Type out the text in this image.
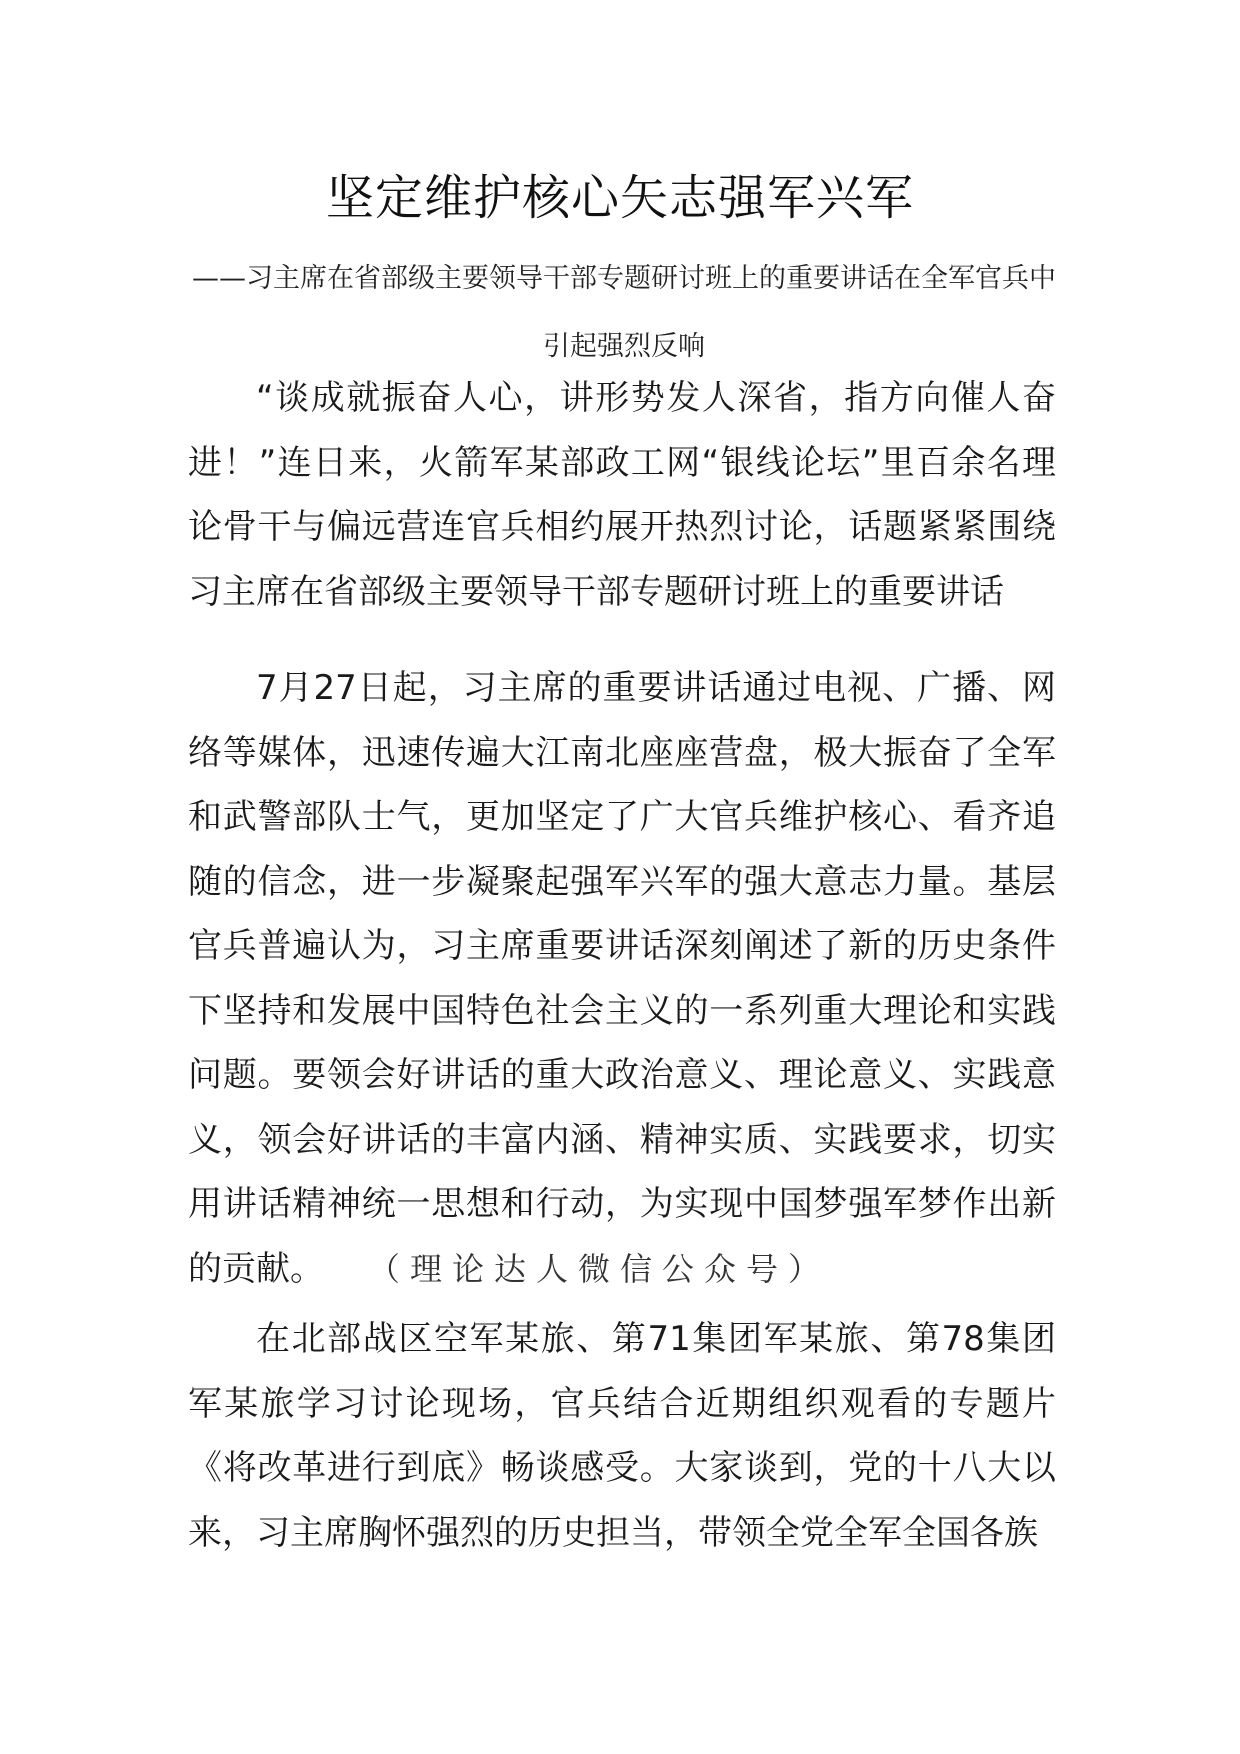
坚定维护核心矢志强军兴军
——习主席在省部级主要领导干部专题研讨班上的重要讲话在全军官兵中引起强烈反响
“谈成就振奋人心，讲形势发人深省，指方向催人奋进！”连日来，火箭军某部政工网“银线论坛”里百余名理论骨干与偏远营连官兵相约展开热烈讨论，话题紧紧围绕习主席在省部级主要领导干部专题研讨班上的重要讲话
7月27日起，习主席的重要讲话通过电视、广播、网络等媒体，迅速传遍大江南北座座营盘，极大振奋了全军和武警部队士气，更加坚定了广大官兵维护核心、看齐追随的信念，进一步凝聚起强军兴军的强大意志力量。基层官兵普遍认为，习主席重要讲话深刻阐述了新的历史条件下坚持和发展中国特色社会主义的一系列重大理论和实践问题。要领会好讲话的重大政治意义、理论意义、实践意义，领会好讲话的丰富内涵、精神实质、实践要求，切实用讲话精神统一思想和行动，为实现中国梦强军梦作出新的贡献。 （理论达人微信公众号）
在北部战区空军某旅、第71集团军某旅、第78集团军某旅学习讨论现场，官兵结合近期组织观看的专题片《将改革进行到底》畅谈感受。大家谈到，党的十八大以来，习主席胸怀强烈的历史担当，带领全党全军全国各族
